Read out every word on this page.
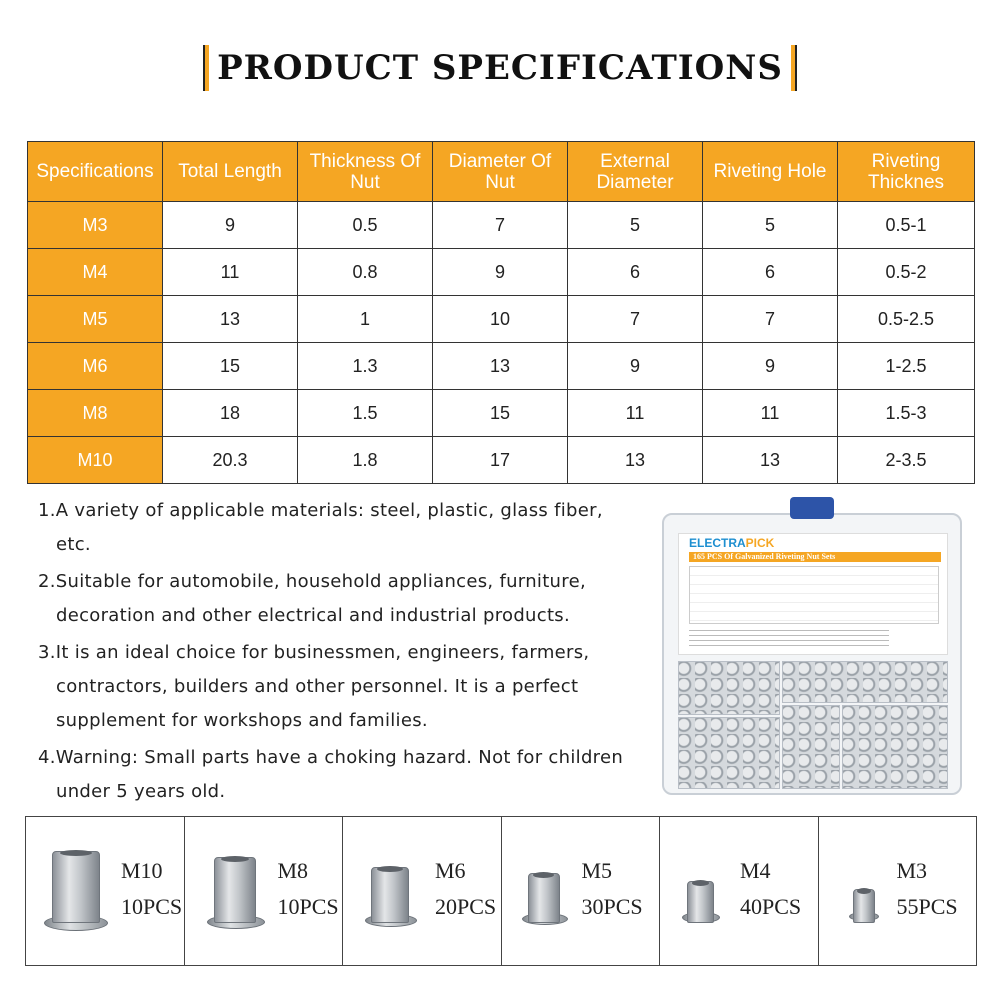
PRODUCT SPECIFICATIONS
Specifications	Total Length	Thickness Of Nut	Diameter Of Nut	External Diameter	Riveting Hole	Riveting Thicknes
M3	9	0.5	7	5	5	0.5-1
M4	11	0.8	9	6	6	0.5-2
M5	13	1	10	7	7	0.5-2.5
M6	15	1.3	13	9	9	1-2.5
M8	18	1.5	15	11	11	1.5-3
M10	20.3	1.8	17	13	13	2-3.5
1.A variety of applicable materials: steel, plastic, glass fiber, etc.
2.Suitable for automobile, household appliances, furniture, decoration and other electrical and industrial products.
3.It is an ideal choice for businessmen, engineers, farmers, contractors, builders and other personnel. It is a perfect supplement for workshops and families.
4.Warning: Small parts have a choking hazard. Not for children under 5 years old.
ELECTRAPICK
165 PCS Of Galvanized Riveting Nut Sets
M10
10PCS
M8
10PCS
M6
20PCS
M5
30PCS
M4
40PCS
M3
55PCS
